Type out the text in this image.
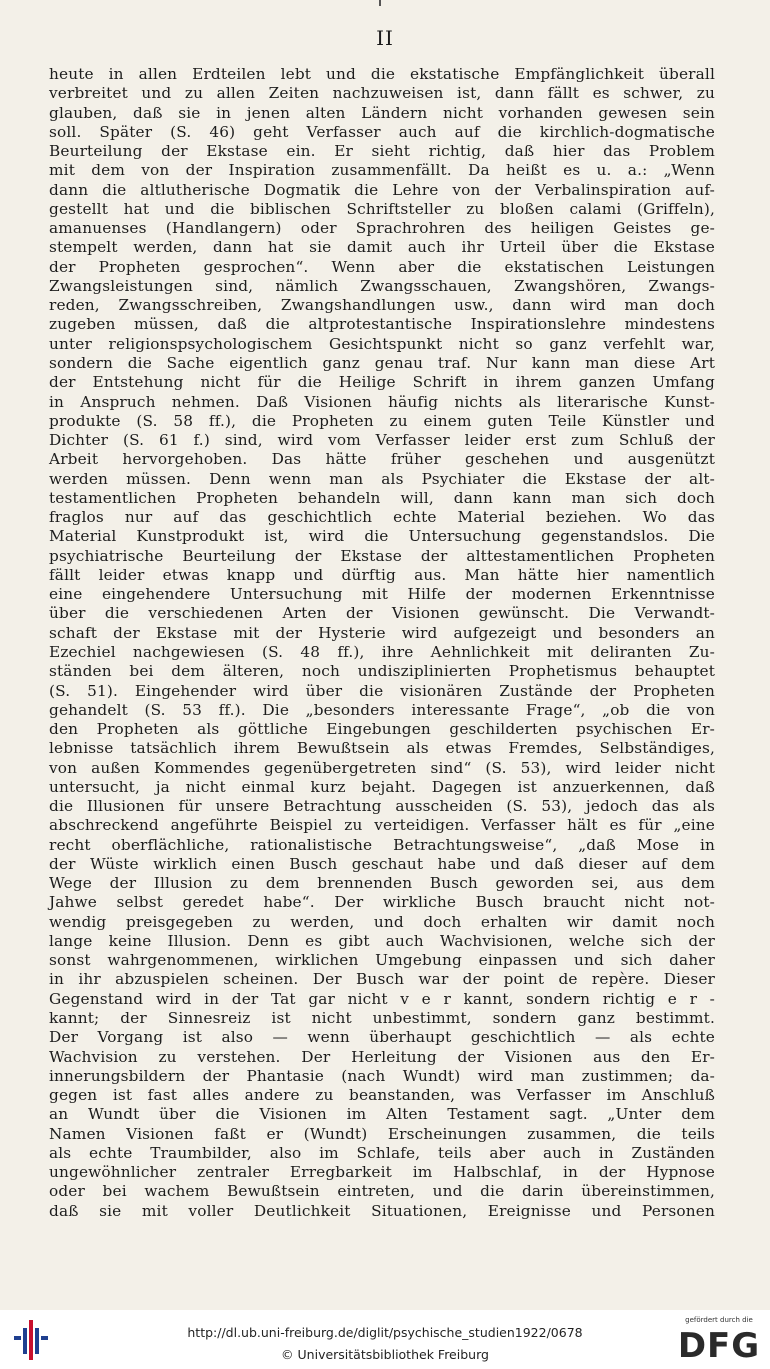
II
heute in allen Erdteilen lebt und die ekstatische Empfänglichkeit überall
verbreitet und zu allen Zeiten nachzuweisen ist, dann fällt es schwer, zu
glauben, daß sie in jenen alten Ländern nicht vorhanden gewesen sein
soll. Später (S. 46) geht Verfasser auch auf die kirchlich-dogmatische
Beurteilung der Ekstase ein. Er sieht richtig, daß hier das Problem
mit dem von der Inspiration zusammenfällt. Da heißt es u. a.: „Wenn
dann die altlutherische Dogmatik die Lehre von der Verbalinspiration auf-
gestellt hat und die biblischen Schriftsteller zu bloßen calami (Griffeln),
amanuenses (Handlangern) oder Sprachrohren des heiligen Geistes ge-
stempelt werden, dann hat sie damit auch ihr Urteil über die Ekstase
der Propheten gesprochen“. Wenn aber die ekstatischen Leistungen
Zwangsleistungen sind, nämlich Zwangsschauen, Zwangshören, Zwangs-
reden, Zwangsschreiben, Zwangshandlungen usw., dann wird man doch
zugeben müssen, daß die altprotestantische Inspirationslehre mindestens
unter religionspsychologischem Gesichtspunkt nicht so ganz verfehlt war,
sondern die Sache eigentlich ganz genau traf. Nur kann man diese Art
der Entstehung nicht für die Heilige Schrift in ihrem ganzen Umfang
in Anspruch nehmen. Daß Visionen häufig nichts als literarische Kunst-
produkte (S. 58 ff.), die Propheten zu einem guten Teile Künstler und
Dichter (S. 61 f.) sind, wird vom Verfasser leider erst zum Schluß der
Arbeit hervorgehoben. Das hätte früher geschehen und ausgenützt
werden müssen. Denn wenn man als Psychiater die Ekstase der alt-
testamentlichen Propheten behandeln will, dann kann man sich doch
fraglos nur auf das geschichtlich echte Material beziehen. Wo das
Material Kunstprodukt ist, wird die Untersuchung gegenstandslos. Die
psychiatrische Beurteilung der Ekstase der alttestamentlichen Propheten
fällt leider etwas knapp und dürftig aus. Man hätte hier namentlich
eine eingehendere Untersuchung mit Hilfe der modernen Erkenntnisse
über die verschiedenen Arten der Visionen gewünscht. Die Verwandt-
schaft der Ekstase mit der Hysterie wird aufgezeigt und besonders an
Ezechiel nachgewiesen (S. 48 ff.), ihre Aehnlichkeit mit deliranten Zu-
ständen bei dem älteren, noch undisziplinierten Prophetismus behauptet
(S. 51). Eingehender wird über die visionären Zustände der Propheten
gehandelt (S. 53 ff.). Die „besonders interessante Frage“, „ob die von
den Propheten als göttliche Eingebungen geschilderten psychischen Er-
lebnisse tatsächlich ihrem Bewußtsein als etwas Fremdes, Selbständiges,
von außen Kommendes gegenübergetreten sind“ (S. 53), wird leider nicht
untersucht, ja nicht einmal kurz bejaht. Dagegen ist anzuerkennen, daß
die Illusionen für unsere Betrachtung ausscheiden (S. 53), jedoch das als
abschreckend angeführte Beispiel zu verteidigen. Verfasser hält es für „eine
recht oberflächliche, rationalistische Betrachtungsweise“, „daß Mose in
der Wüste wirklich einen Busch geschaut habe und daß dieser auf dem
Wege der Illusion zu dem brennenden Busch geworden sei, aus dem
Jahwe selbst geredet habe“. Der wirkliche Busch braucht nicht not-
wendig preisgegeben zu werden, und doch erhalten wir damit noch
lange keine Illusion. Denn es gibt auch Wachvisionen, welche sich der
sonst wahrgenommenen, wirklichen Umgebung einpassen und sich daher
in ihr abzuspielen scheinen. Der Busch war der point de repère. Dieser
Gegenstand wird in der Tat gar nicht v e r kannt, sondern richtig e r -
kannt; der Sinnesreiz ist nicht unbestimmt, sondern ganz bestimmt.
Der Vorgang ist also — wenn überhaupt geschichtlich — als echte
Wachvision zu verstehen. Der Herleitung der Visionen aus den Er-
innerungsbildern der Phantasie (nach Wundt) wird man zustimmen; da-
gegen ist fast alles andere zu beanstanden, was Verfasser im Anschluß
an Wundt über die Visionen im Alten Testament sagt. „Unter dem
Namen Visionen faßt er (Wundt) Erscheinungen zusammen, die teils
als echte Traumbilder, also im Schlafe, teils aber auch in Zuständen
ungewöhnlicher zentraler Erregbarkeit im Halbschlaf, in der Hypnose
oder bei wachem Bewußtsein eintreten, und die darin übereinstimmen,
daß sie mit voller Deutlichkeit Situationen, Ereignisse und Personen
http://dl.ub.uni-freiburg.de/diglit/psychische_studien1922/0678
© Universitätsbibliothek Freiburg
gefördert durch die
DFG
